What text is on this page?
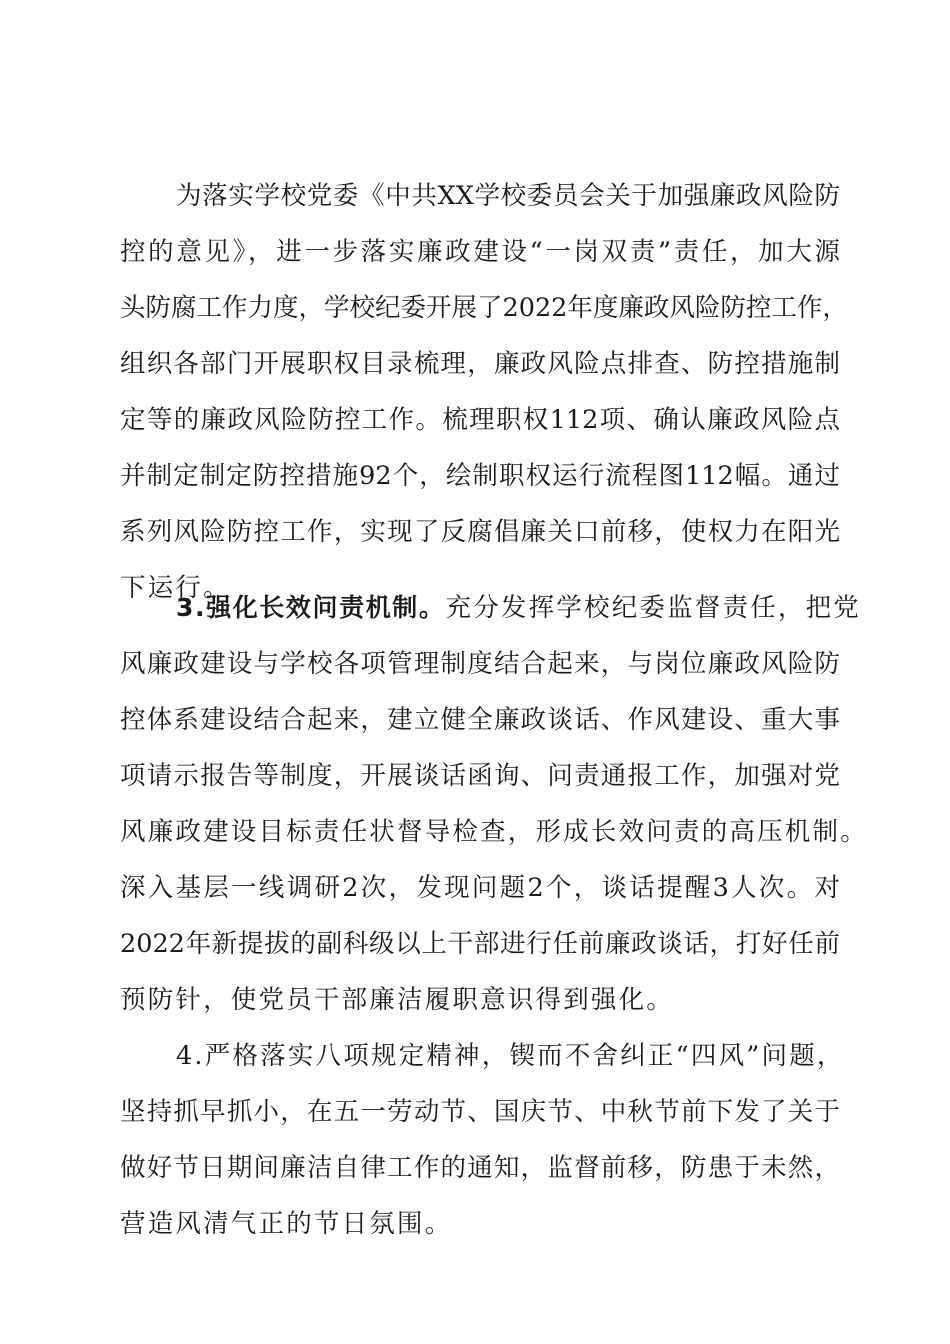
为落实学校党委《中共XX学校委员会关于加强廉政风险防
控的意见》，进一步落实廉政建设“一岗双责”责任，加大源
头防腐工作力度，学校纪委开展了2022年度廉政风险防控工作，
组织各部门开展职权目录梳理，廉政风险点排查、防控措施制
定等的廉政风险防控工作。梳理职权112项、确认廉政风险点
并制定制定防控措施92个，绘制职权运行流程图112幅。通过
系列风险防控工作，实现了反腐倡廉关口前移，使权力在阳光
下运行。
3.强化长效问责机制。充分发挥学校纪委监督责任，把党
风廉政建设与学校各项管理制度结合起来，与岗位廉政风险防
控体系建设结合起来，建立健全廉政谈话、作风建设、重大事
项请示报告等制度，开展谈话函询、问责通报工作，加强对党
风廉政建设目标责任状督导检查，形成长效问责的高压机制。
深入基层一线调研2次，发现问题2个，谈话提醒3人次。对
2022年新提拔的副科级以上干部进行任前廉政谈话，打好任前
预防针，使党员干部廉洁履职意识得到强化。
4.严格落实八项规定精神，锲而不舍纠正“四风”问题，
坚持抓早抓小，在五一劳动节、国庆节、中秋节前下发了关于
做好节日期间廉洁自律工作的通知，监督前移，防患于未然，
营造风清气正的节日氛围。
